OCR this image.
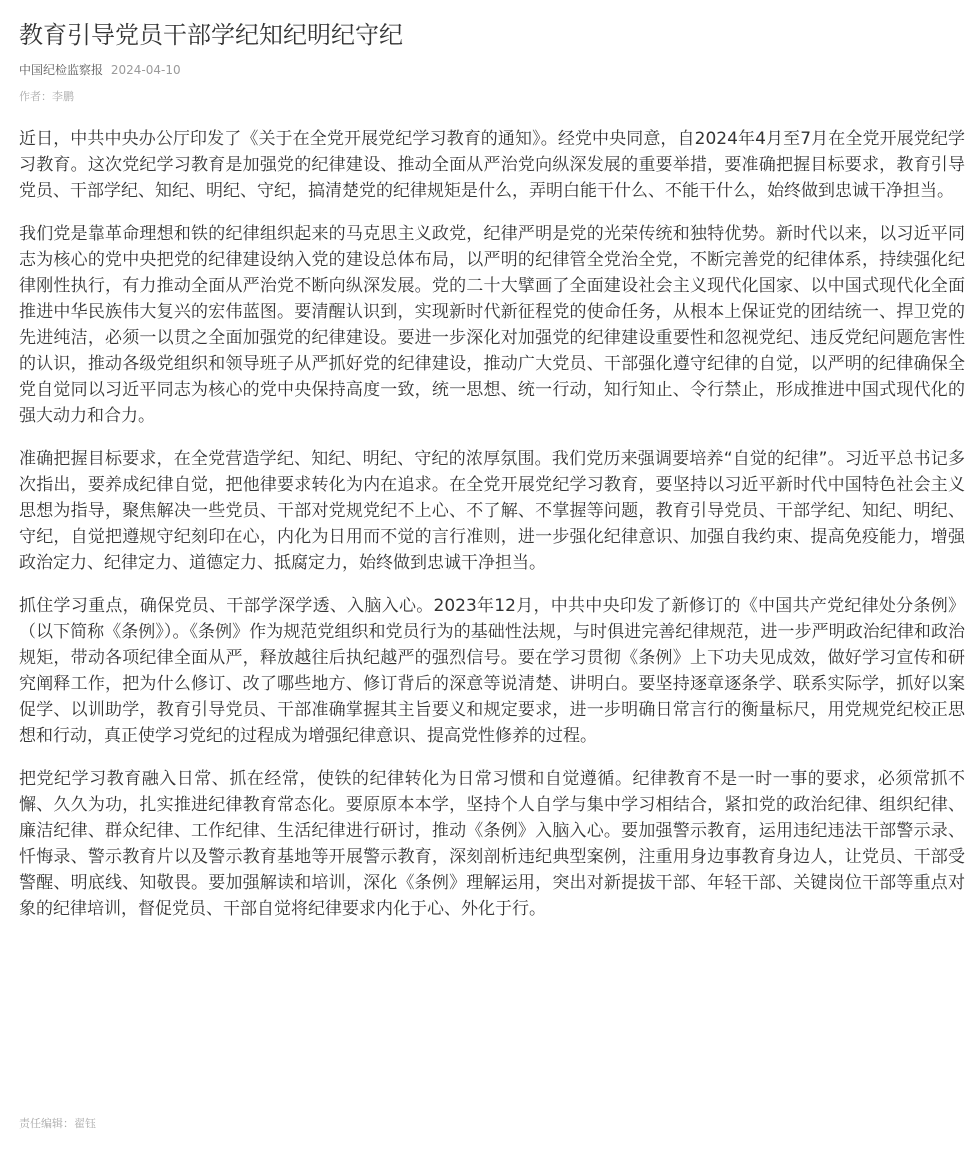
教育引导党员干部学纪知纪明纪守纪
中国纪检监察报 2024-04-10
作者：李鹏

近日，中共中央办公厅印发了《关于在全党开展党纪学习教育的通知》。经党中央同意，自2024年4月至7月在全党开展党纪学习教育。这次党纪学习教育是加强党的纪律建设、推动全面从严治党向纵深发展的重要举措，要准确把握目标要求，教育引导党员、干部学纪、知纪、明纪、守纪，搞清楚党的纪律规矩是什么，弄明白能干什么、不能干什么，始终做到忠诚干净担当。

我们党是靠革命理想和铁的纪律组织起来的马克思主义政党，纪律严明是党的光荣传统和独特优势。新时代以来，以习近平同志为核心的党中央把党的纪律建设纳入党的建设总体布局，以严明的纪律管全党治全党，不断完善党的纪律体系，持续强化纪律刚性执行，有力推动全面从严治党不断向纵深发展。党的二十大擘画了全面建设社会主义现代化国家、以中国式现代化全面推进中华民族伟大复兴的宏伟蓝图。要清醒认识到，实现新时代新征程党的使命任务，从根本上保证党的团结统一、捍卫党的先进纯洁，必须一以贯之全面加强党的纪律建设。要进一步深化对加强党的纪律建设重要性和忽视党纪、违反党纪问题危害性的认识，推动各级党组织和领导班子从严抓好党的纪律建设，推动广大党员、干部强化遵守纪律的自觉，以严明的纪律确保全党自觉同以习近平同志为核心的党中央保持高度一致，统一思想、统一行动，知行知止、令行禁止，形成推进中国式现代化的强大动力和合力。

准确把握目标要求，在全党营造学纪、知纪、明纪、守纪的浓厚氛围。我们党历来强调要培养“自觉的纪律”。习近平总书记多次指出，要养成纪律自觉，把他律要求转化为内在追求。在全党开展党纪学习教育，要坚持以习近平新时代中国特色社会主义思想为指导，聚焦解决一些党员、干部对党规党纪不上心、不了解、不掌握等问题，教育引导党员、干部学纪、知纪、明纪、守纪，自觉把遵规守纪刻印在心，内化为日用而不觉的言行准则，进一步强化纪律意识、加强自我约束、提高免疫能力，增强政治定力、纪律定力、道德定力、抵腐定力，始终做到忠诚干净担当。

抓住学习重点，确保党员、干部学深学透、入脑入心。2023年12月，中共中央印发了新修订的《中国共产党纪律处分条例》（以下简称《条例》）。《条例》作为规范党组织和党员行为的基础性法规，与时俱进完善纪律规范，进一步严明政治纪律和政治规矩，带动各项纪律全面从严，释放越往后执纪越严的强烈信号。要在学习贯彻《条例》上下功夫见成效，做好学习宣传和研究阐释工作，把为什么修订、改了哪些地方、修订背后的深意等说清楚、讲明白。要坚持逐章逐条学、联系实际学，抓好以案促学、以训助学，教育引导党员、干部准确掌握其主旨要义和规定要求，进一步明确日常言行的衡量标尺，用党规党纪校正思想和行动，真正使学习党纪的过程成为增强纪律意识、提高党性修养的过程。

把党纪学习教育融入日常、抓在经常，使铁的纪律转化为日常习惯和自觉遵循。纪律教育不是一时一事的要求，必须常抓不懈、久久为功，扎实推进纪律教育常态化。要原原本本学，坚持个人自学与集中学习相结合，紧扣党的政治纪律、组织纪律、廉洁纪律、群众纪律、工作纪律、生活纪律进行研讨，推动《条例》入脑入心。要加强警示教育，运用违纪违法干部警示录、忏悔录、警示教育片以及警示教育基地等开展警示教育，深刻剖析违纪典型案例，注重用身边事教育身边人，让党员、干部受警醒、明底线、知敬畏。要加强解读和培训，深化《条例》理解运用，突出对新提拔干部、年轻干部、关键岗位干部等重点对象的纪律培训，督促党员、干部自觉将纪律要求内化于心、外化于行。

责任编辑：翟钰
